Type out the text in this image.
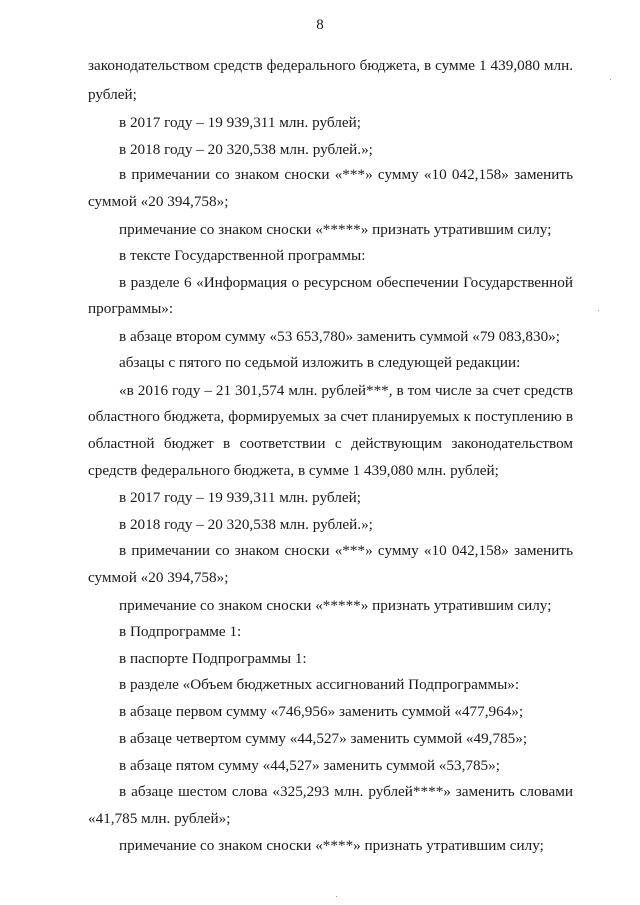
8
законодательством средств федерального бюджета, в сумме 1 439,080 млн.
рублей;
в 2017 году – 19 939,311 млн. рублей;
в 2018 году – 20 320,538 млн. рублей.»;
в примечании со знаком сноски «***» сумму «10 042,158» заменить
суммой «20 394,758»;
примечание со знаком сноски «*****» признать утратившим силу;
в тексте Государственной программы:
в разделе 6 «Информация о ресурсном обеспечении Государственной
программы»:
в абзаце втором сумму «53 653,780» заменить суммой «79 083,830»;
абзацы с пятого по седьмой изложить в следующей редакции:
«в 2016 году – 21 301,574 млн. рублей***, в том числе за счет средств
областного бюджета, формируемых за счет планируемых к поступлению в
областной бюджет в соответствии с действующим законодательством
средств федерального бюджета, в сумме 1 439,080 млн. рублей;
в 2017 году – 19 939,311 млн. рублей;
в 2018 году – 20 320,538 млн. рублей.»;
в примечании со знаком сноски «***» сумму «10 042,158» заменить
суммой «20 394,758»;
примечание со знаком сноски «*****» признать утратившим силу;
в Подпрограмме 1:
в паспорте Подпрограммы 1:
в разделе «Объем бюджетных ассигнований Подпрограммы»:
в абзаце первом сумму «746,956» заменить суммой «477,964»;
в абзаце четвертом сумму «44,527» заменить суммой «49,785»;
в абзаце пятом сумму «44,527» заменить суммой «53,785»;
в абзаце шестом слова «325,293 млн. рублей****» заменить словами
«41,785 млн. рублей»;
примечание со знаком сноски «****» признать утратившим силу;
